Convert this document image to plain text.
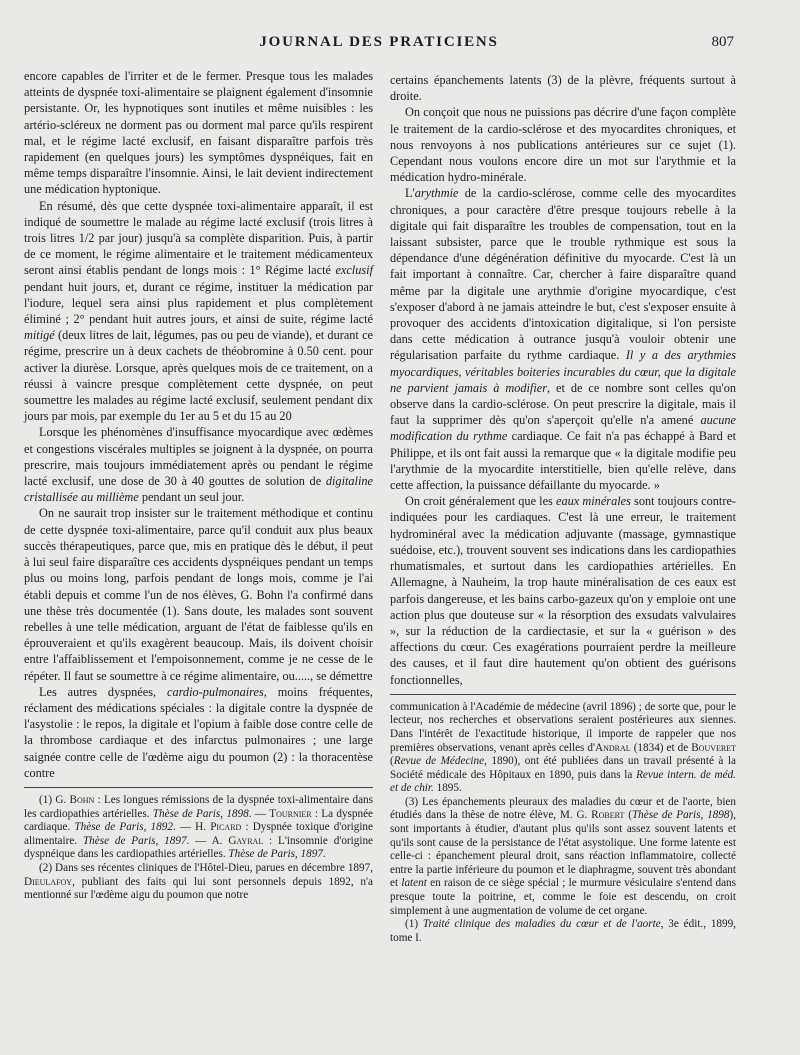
JOURNAL DES PRATICIENS	807

encore capables de l'irriter et de le fermer. Presque tous les malades atteints de dyspnée toxi-alimentaire se plaignent également d'insomnie persistante. Or, les hypnotiques sont inutiles et même nuisibles : les artério-scléreux ne dorment pas ou dorment mal parce qu'ils respirent mal, et le régime lacté exclusif, en faisant disparaître parfois très rapidement (en quelques jours) les symptômes dyspnéiques, fait en même temps disparaître l'insomnie. Ainsi, le lait devient indirectement une médication hyptonique.

En résumé, dès que cette dyspnée toxi-alimentaire apparaît, il est indiqué de soumettre le malade au régime lacté exclusif (trois litres à trois litres 1/2 par jour) jusqu'à sa complète disparition. Puis, à partir de ce moment, le régime alimentaire et le traitement médicamenteux seront ainsi établis pendant de longs mois : 1° Régime lacté exclusif pendant huit jours, et, durant ce régime, instituer la médication par l'iodure, lequel sera ainsi plus rapidement et plus complètement éliminé ; 2° pendant huit autres jours, et ainsi de suite, régime lacté mitigé (deux litres de lait, légumes, pas ou peu de viande), et durant ce régime, prescrire un à deux cachets de théobromine à 0.50 cent. pour activer la diurèse. Lorsque, après quelques mois de ce traitement, on a réussi à vaincre presque complètement cette dyspnée, on peut soumettre les malades au régime lacté exclusif, seulement pendant dix jours par mois, par exemple du 1er au 5 et du 15 au 20

Lorsque les phénomènes d'insuffisance myocardique avec œdèmes et congestions viscérales multiples se joignent à la dyspnée, on pourra prescrire, mais toujours immédiatement après ou pendant le régime lacté exclusif, une dose de 30 à 40 gouttes de solution de digitaline cristallisée au millième pendant un seul jour.

On ne saurait trop insister sur le traitement méthodique et continu de cette dyspnée toxi-alimentaire, parce qu'il conduit aux plus beaux succès thérapeutiques, parce que, mis en pratique dès le début, il peut à lui seul faire disparaître ces accidents dyspnéiques pendant un temps plus ou moins long, parfois pendant de longs mois, comme je l'ai établi depuis et comme l'un de nos élèves, G. Bohn l'a confirmé dans une thèse très documentée (1). Sans doute, les malades sont souvent rebelles à une telle médication, arguant de l'état de faiblesse qu'ils en éprouveraient et qu'ils exagèrent beaucoup. Mais, ils doivent choisir entre l'affaiblissement et l'empoisonnement, comme je ne cesse de le répéter. Il faut se soumettre à ce régime alimentaire, ou....., se démettre

Les autres dyspnées, cardio-pulmonaires, moins fréquentes, réclament des médications spéciales : la digitale contre la dyspnée de l'asystolie : le repos, la digitale et l'opium à faible dose contre celle de la thrombose cardiaque et des infarctus pulmonaires ; une large saignée contre celle de l'œdème aigu du poumon (2) : la thoracentèse contre

(1) G. Bohn : Les longues rémissions de la dyspnée toxi-alimentaire dans les cardiopathies artérielles. Thèse de Paris, 1898. — Tournier : La dyspnée cardiaque. Thèse de Paris, 1892. — H. Picard : Dyspnée toxique d'origine alimentaire. Thèse de Paris, 1897. — A. Gayral : L'insomnie d'origine dyspnéique dans les cardiopathies artérielles. Thèse de Paris, 1897.

(2) Dans ses récentes cliniques de l'Hôtel-Dieu, parues en décembre 1897, Dieulafoy, publiant des faits qui lui sont personnels depuis 1892, n'a mentionné sur l'œdème aigu du poumon que notre

certains épanchements latents (3) de la plèvre, fréquents surtout à droite.

On conçoit que nous ne puissions pas décrire d'une façon complète le traitement de la cardio-sclérose et des myocardites chroniques, et nous renvoyons à nos publications antérieures sur ce sujet (1). Cependant nous voulons encore dire un mot sur l'arythmie et la médication hydro-minérale.

L'arythmie de la cardio-sclérose, comme celle des myocardites chroniques, a pour caractère d'être presque toujours rebelle à la digitale qui fait disparaître les troubles de compensation, tout en la laissant subsister, parce que le trouble rythmique est sous la dépendance d'une dégénération définitive du myocarde. C'est là un fait important à connaître. Car, chercher à faire disparaître quand même par la digitale une arythmie d'origine myocardique, c'est s'exposer d'abord à ne jamais atteindre le but, c'est s'exposer ensuite à provoquer des accidents d'intoxication digitalique, si l'on persiste dans cette médication à outrance jusqu'à vouloir obtenir une régularisation parfaite du rythme cardiaque. Il y a des arythmies myocardiques, véritables boiteries incurables du cœur, que la digitale ne parvient jamais à modifier, et de ce nombre sont celles qu'on observe dans la cardio-sclérose. On peut prescrire la digitale, mais il faut la supprimer dès qu'on s'aperçoit qu'elle n'a amené aucune modification du rythme cardiaque. Ce fait n'a pas échappé à Bard et Philippe, et ils ont fait aussi la remarque que « la digitale modifie peu l'arythmie de la myocardite interstitielle, bien qu'elle relève, dans cette affection, la puissance défaillante du myocarde. »

On croit généralement que les eaux minérales sont toujours contre-indiquées pour les cardiaques. C'est là une erreur, le traitement hydrominéral avec la médication adjuvante (massage, gymnastique suédoise, etc.), trouvent souvent ses indications dans les cardiopathies rhumatismales, et surtout dans les cardiopathies artérielles. En Allemagne, à Nauheim, la trop haute minéralisation de ces eaux est parfois dangereuse, et les bains carbo-gazeux qu'on y emploie ont une action plus que douteuse sur « la résorption des exsudats valvulaires », sur la réduction de la cardiectasie, et sur la « guérison » des affections du cœur. Ces exagérations pourraient perdre la meilleure des causes, et il faut dire hautement qu'on obtient des guérisons fonctionnelles,

communication à l'Académie de médecine (avril 1896) ; de sorte que, pour le lecteur, nos recherches et observations seraient postérieures aux siennes. Dans l'intérêt de l'exactitude historique, il importe de rappeler que nos premières observations, venant après celles d'Andral (1834) et de Bouveret (Revue de Médecine, 1890), ont été publiées dans un travail présenté à la Société médicale des Hôpitaux en 1890, puis dans la Revue intern. de méd. et de chir. 1895.

(3) Les épanchements pleuraux des maladies du cœur et de l'aorte, bien étudiés dans la thèse de notre élève, M. G. Robert (Thèse de Paris, 1898), sont importants à étudier, d'autant plus qu'ils sont assez souvent latents et qu'ils sont cause de la persistance de l'état asystolique. Une forme latente est celle-ci : épanchement pleural droit, sans réaction inflammatoire, collecté entre la partie inférieure du poumon et le diaphragme, souvent très abondant et latent en raison de ce siège spécial ; le murmure vésiculaire s'entend dans presque toute la poitrine, et, comme le foie est descendu, on croit simplement à une augmentation de volume de cet organe.

(1) Traité clinique des maladies du cœur et de l'aorte, 3e édit., 1899, tome I.
